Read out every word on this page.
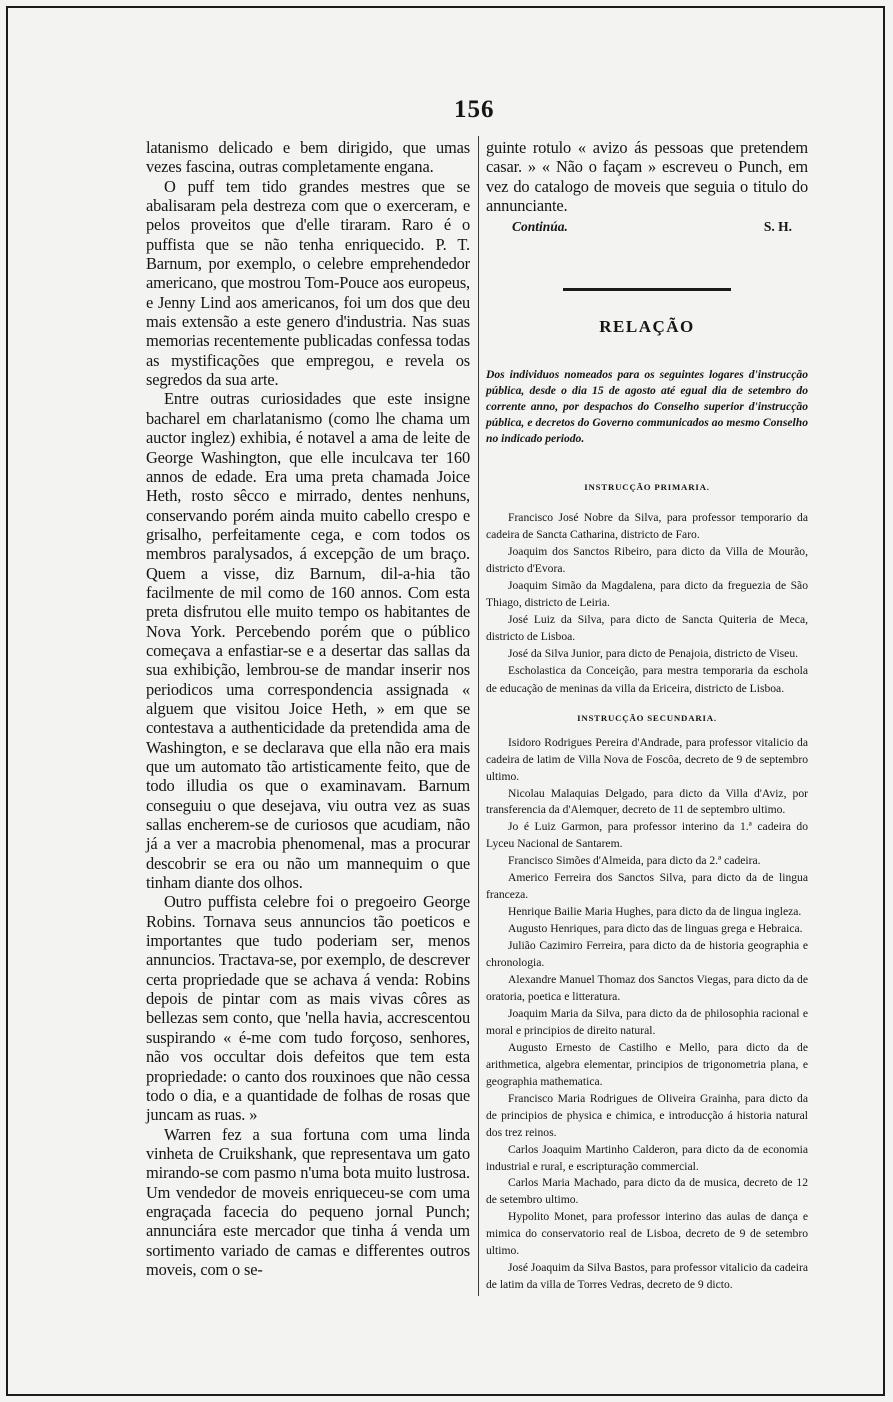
156

latanismo delicado e bem dirigido, que umas vezes fascina, outras completamente engana.

O puff tem tido grandes mestres que se abalisaram pela destreza com que o exerceram, e pelos proveitos que d'elle tiraram. Raro é o puffista que se não tenha enriquecido. P. T. Barnum, por exemplo, o celebre emprehendedor americano, que mostrou Tom-Pouce aos europeus, e Jenny Lind aos americanos, foi um dos que deu mais extensão a este genero d'industria. Nas suas memorias recentemente publicadas confessa todas as mystificações que empregou, e revela os segredos da sua arte.

Entre outras curiosidades que este insigne bacharel em charlatanismo (como lhe chama um auctor inglez) exhibia, é notavel a ama de leite de George Washington, que elle inculcava ter 160 annos de edade. Era uma preta chamada Joice Heth, rosto sêcco e mirrado, dentes nenhuns, conservando porém ainda muito cabello crespo e grisalho, perfeitamente cega, e com todos os membros paralysados, á excepção de um braço. Quem a visse, diz Barnum, dil-a-hia tão facilmente de mil como de 160 annos. Com esta preta disfrutou elle muito tempo os habitantes de Nova York. Percebendo porém que o público começava a enfastiar-se e a desertar das sallas da sua exhibição, lembrou-se de mandar inserir nos periodicos uma correspondencia assignada « alguem que visitou Joice Heth, » em que se contestava a authenticidade da pretendida ama de Washington, e se declarava que ella não era mais que um automato tão artisticamente feito, que de todo illudia os que o examinavam. Barnum conseguiu o que desejava, viu outra vez as suas sallas encherem-se de curiosos que acudiam, não já a ver a macrobia phenomenal, mas a procurar descobrir se era ou não um mannequim o que tinham diante dos olhos.

Outro puffista celebre foi o pregoeiro George Robins. Tornava seus annuncios tão poeticos e importantes que tudo poderiam ser, menos annuncios. Tractava-se, por exemplo, de descrever certa propriedade que se achava á venda: Robins depois de pintar com as mais vivas côres as bellezas sem conto, que 'nella havia, accrescentou suspirando « é-me com tudo forçoso, senhores, não vos occultar dois defeitos que tem esta propriedade: o canto dos rouxinoes que não cessa todo o dia, e a quantidade de folhas de rosas que juncam as ruas. »

Warren fez a sua fortuna com uma linda vinheta de Cruikshank, que representava um gato mirando-se com pasmo n'uma bota muito lustrosa. Um vendedor de moveis enriqueceu-se com uma engraçada facecia do pequeno jornal Punch; annunciára este mercador que tinha á venda um sortimento variado de camas e differentes outros moveis, com o se-

guinte rotulo « avizo ás pessoas que pretendem casar. » « Não o façam » escreveu o Punch, em vez do catalogo de moveis que seguia o titulo do annunciante.

Continúa.	S. H.
RELAÇÃO

Dos individuos nomeados para os seguintes logares d'instrucção pública, desde o dia 15 de agosto até egual dia de setembro do corrente anno, por despachos do Conselho superior d'instrucção pública, e decretos do Governo communicados ao mesmo Conselho no indicado periodo.

INSTRUCÇÃO PRIMARIA.

Francisco José Nobre da Silva, para professor temporario da cadeira de Sancta Catharina, districto de Faro.

Joaquim dos Sanctos Ribeiro, para dicto da Villa de Mourão, districto d'Evora.

Joaquim Simão da Magdalena, para dicto da freguezia de São Thiago, districto de Leiria.

José Luiz da Silva, para dicto de Sancta Quiteria de Meca, districto de Lisboa.

José da Silva Junior, para dicto de Penajoia, districto de Viseu.

Escholastica da Conceição, para mestra temporaria da eschola de educação de meninas da villa da Ericeira, districto de Lisboa.

INSTRUCÇÃO SECUNDARIA.

Isidoro Rodrigues Pereira d'Andrade, para professor vitalicio da cadeira de latim de Villa Nova de Foscôa, decreto de 9 de septembro ultimo.

Nicolau Malaquias Delgado, para dicto da Villa d'Aviz, por transferencia da d'Alemquer, decreto de 11 de septembro ultimo.

Jo é Luiz Garmon, para professor interino da 1.ª cadeira do Lyceu Nacional de Santarem.

Francisco Simões d'Almeida, para dicto da 2.ª cadeira.

Americo Ferreira dos Sanctos Silva, para dicto da de lingua franceza.

Henrique Bailie Maria Hughes, para dicto da de lingua ingleza.

Augusto Henriques, para dicto das de linguas grega e Hebraica.

Julião Cazimiro Ferreira, para dicto da de historia geographia e chronologia.

Alexandre Manuel Thomaz dos Sanctos Viegas, para dicto da de oratoria, poetica e litteratura.

Joaquim Maria da Silva, para dicto da de philosophia racional e moral e principios de direito natural.

Augusto Ernesto de Castilho e Mello, para dicto da de arithmetica, algebra elementar, principios de trigonometria plana, e geographia mathematica.

Francisco Maria Rodrigues de Oliveira Grainha, para dicto da de principios de physica e chimica, e introducção á historia natural dos trez reinos.

Carlos Joaquim Martinho Calderon, para dicto da de economia industrial e rural, e escripturação commercial.

Carlos Maria Machado, para dicto da de musica, decreto de 12 de setembro ultimo.

Hypolito Monet, para professor interino das aulas de dança e mimica do conservatorio real de Lisboa, decreto de 9 de setembro ultimo.

José Joaquim da Silva Bastos, para professor vitalicio da cadeira de latim da villa de Torres Vedras, decreto de 9 dicto.
